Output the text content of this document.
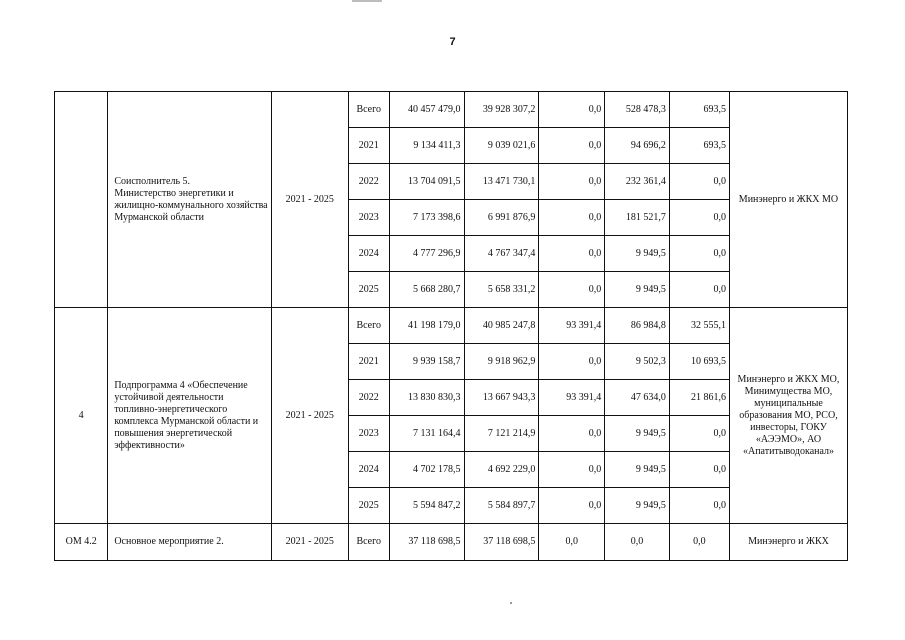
7
	Соисполнитель 5.
Министерство энергетики и жилищно-коммунального хозяйства Мурманской области	2021 - 2025	Всего	40 457 479,0	39 928 307,2	0,0	528 478,3	693,5	Минэнерго и ЖКХ МО
			2021	9 134 411,3	9 039 021,6	0,0	94 696,2	693,5	
			2022	13 704 091,5	13 471 730,1	0,0	232 361,4	0,0	
			2023	7 173 398,6	6 991 876,9	0,0	181 521,7	0,0	
			2024	4 777 296,9	4 767 347,4	0,0	9 949,5	0,0	
			2025	5 668 280,7	5 658 331,2	0,0	9 949,5	0,0	
4	Подпрограмма 4 «Обеспечение устойчивой деятельности топливно-энергетического комплекса Мурманской области и повышения энергетической эффективности»	2021 - 2025	Всего	41 198 179,0	40 985 247,8	93 391,4	86 984,8	32 555,1	Минэнерго и ЖКХ МО, Минимущества МО, муниципальные образования МО, РСО, инвесторы, ГОКУ «АЭЭМО», АО «Апатитыводоканал»
			2021	9 939 158,7	9 918 962,9	0,0	9 502,3	10 693,5	
			2022	13 830 830,3	13 667 943,3	93 391,4	47 634,0	21 861,6	
			2023	7 131 164,4	7 121 214,9	0,0	9 949,5	0,0	
			2024	4 702 178,5	4 692 229,0	0,0	9 949,5	0,0	
			2025	5 594 847,2	5 584 897,7	0,0	9 949,5	0,0	
ОМ 4.2	Основное мероприятие 2.	2021 - 2025	Всего	37 118 698,5	37 118 698,5	0,0	0,0	0,0	Минэнерго и ЖКХ
